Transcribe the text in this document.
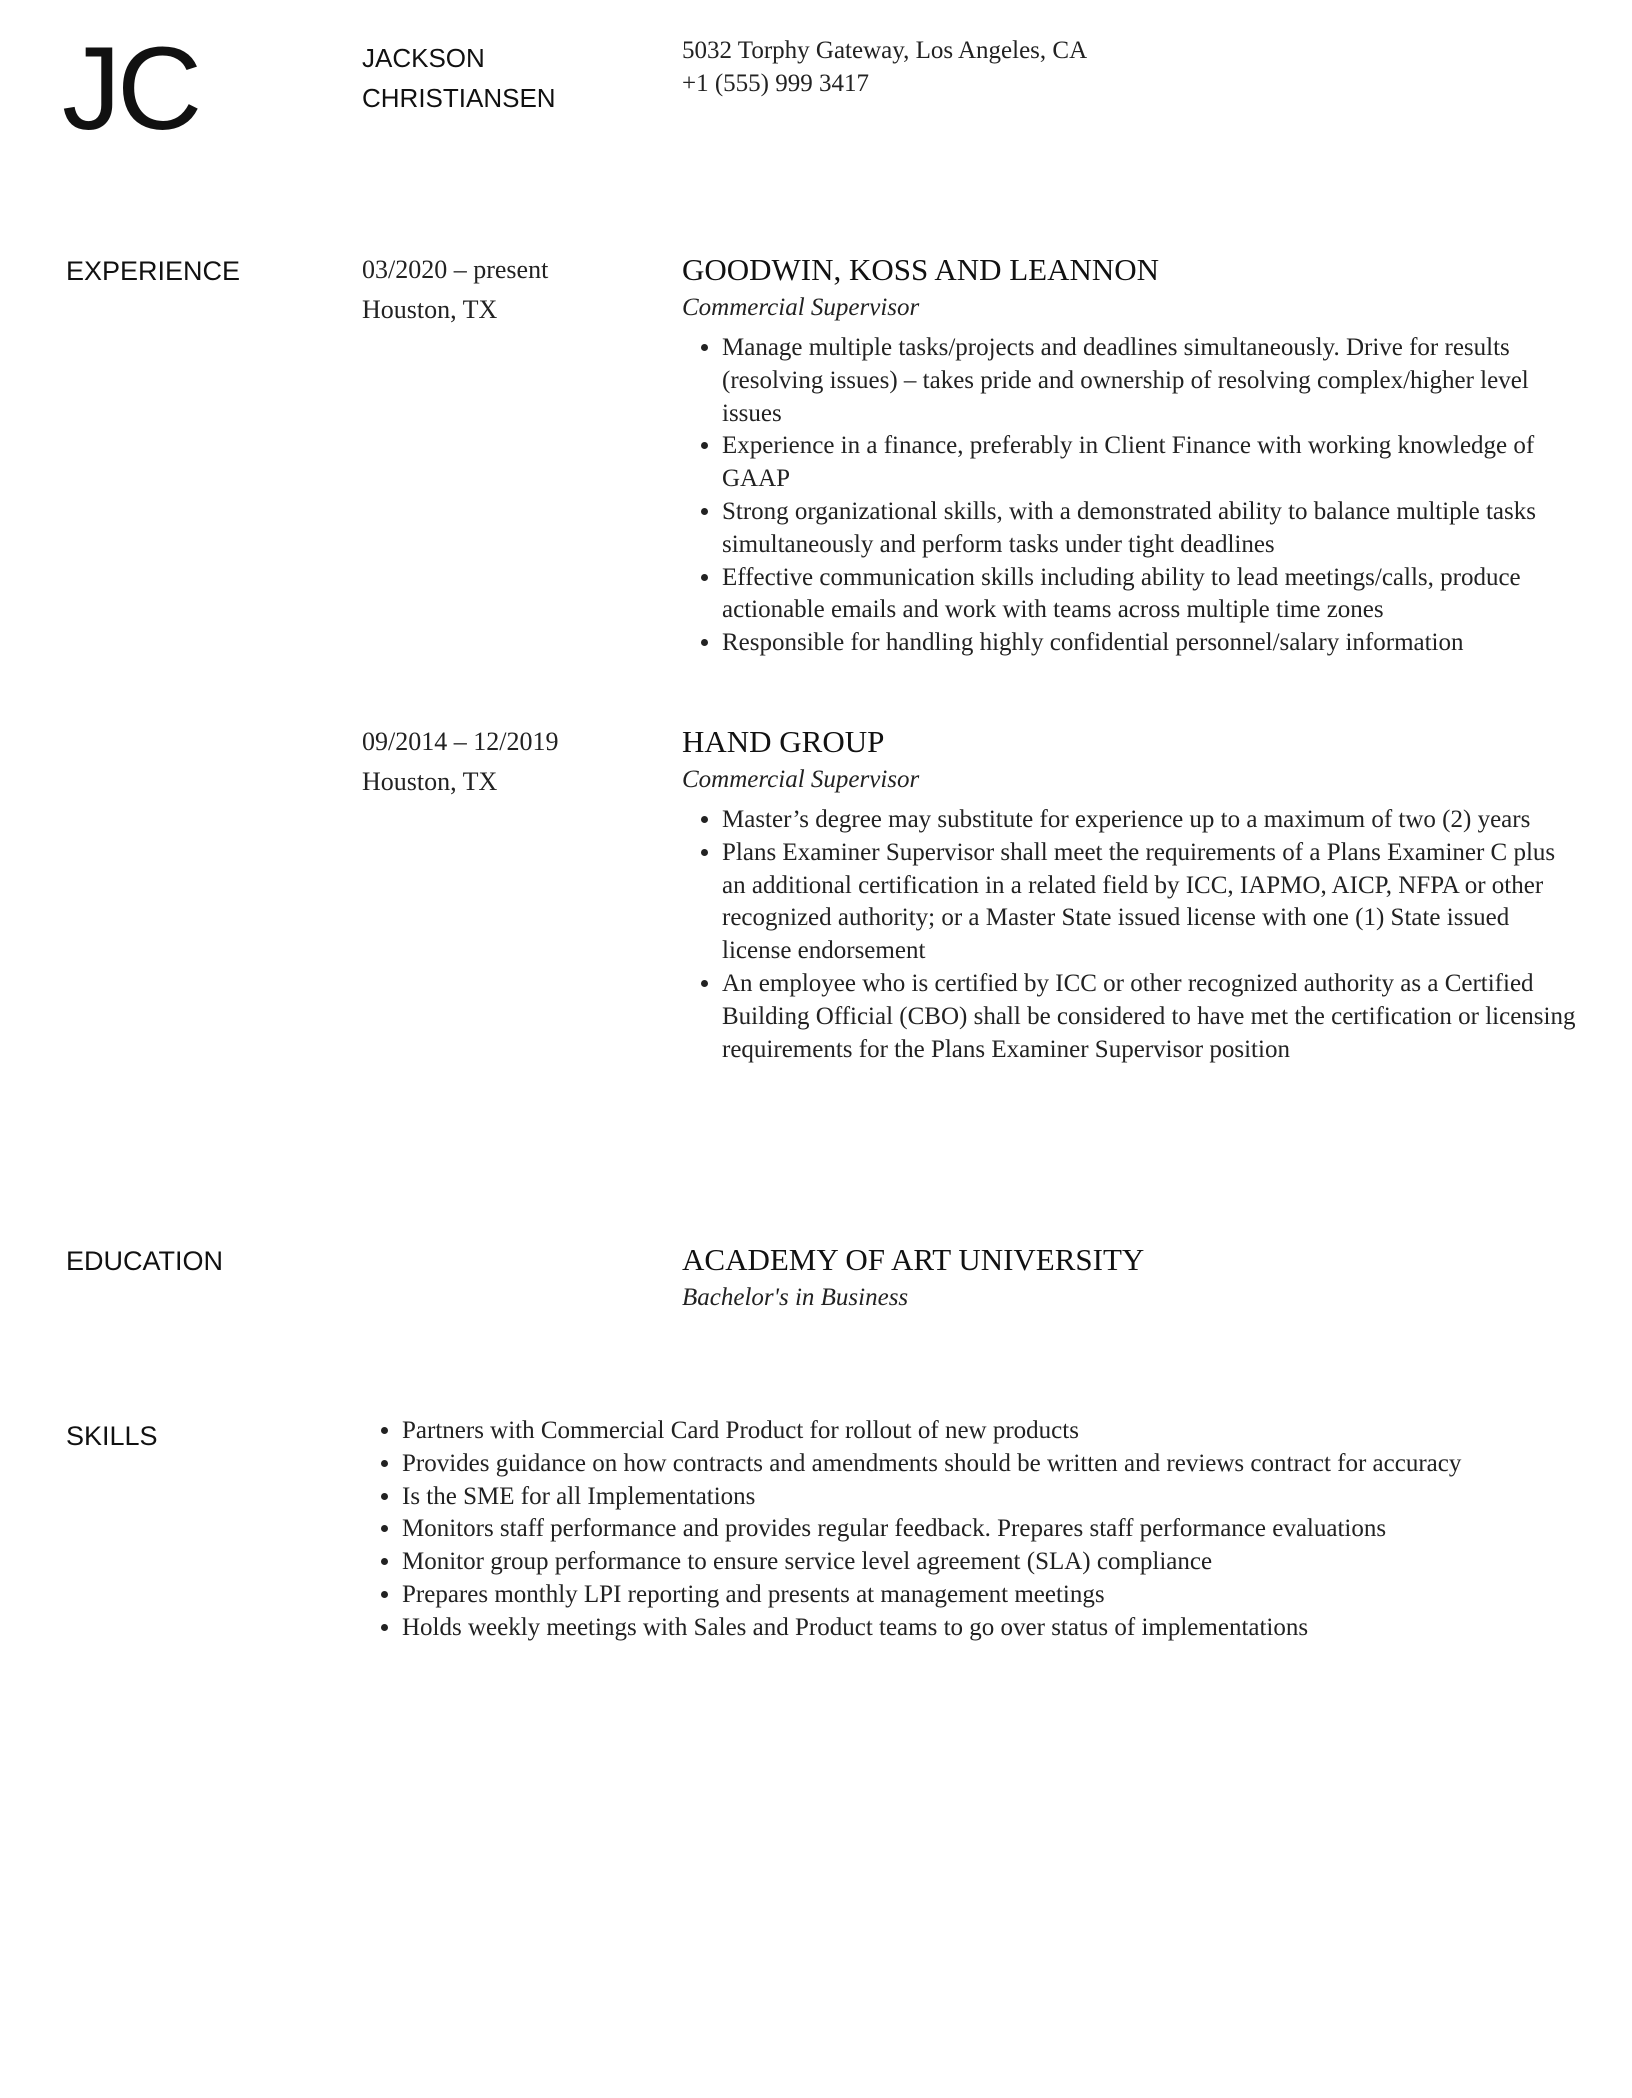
JC	JACKSON
CHRISTIANSEN
5032 Torphy Gateway, Los Angeles, CA
+1 (555) 999 3417
EXPERIENCE	03/2020 – present
Houston, TX
GOODWIN, KOSS AND LEANNON
Commercial Supervisor
• Manage multiple tasks/projects and deadlines simultaneously. Drive for results (resolving issues) – takes pride and ownership of resolving complex/higher level issues
• Experience in a finance, preferably in Client Finance with working knowledge of GAAP
• Strong organizational skills, with a demonstrated ability to balance multiple tasks simultaneously and perform tasks under tight deadlines
• Effective communication skills including ability to lead meetings/calls, produce actionable emails and work with teams across multiple time zones
• Responsible for handling highly confidential personnel/salary information
09/2014 – 12/2019
Houston, TX
HAND GROUP
Commercial Supervisor
• Master’s degree may substitute for experience up to a maximum of two (2) years
• Plans Examiner Supervisor shall meet the requirements of a Plans Examiner C plus an additional certification in a related field by ICC, IAPMO, AICP, NFPA or other recognized authority; or a Master State issued license with one (1) State issued license endorsement
• An employee who is certified by ICC or other recognized authority as a Certified Building Official (CBO) shall be considered to have met the certification or licensing requirements for the Plans Examiner Supervisor position
EDUCATION	ACADEMY OF ART UNIVERSITY
Bachelor's in Business
SKILLS	• Partners with Commercial Card Product for rollout of new products
• Provides guidance on how contracts and amendments should be written and reviews contract for accuracy
• Is the SME for all Implementations
• Monitors staff performance and provides regular feedback. Prepares staff performance evaluations
• Monitor group performance to ensure service level agreement (SLA) compliance
• Prepares monthly LPI reporting and presents at management meetings
• Holds weekly meetings with Sales and Product teams to go over status of implementations
